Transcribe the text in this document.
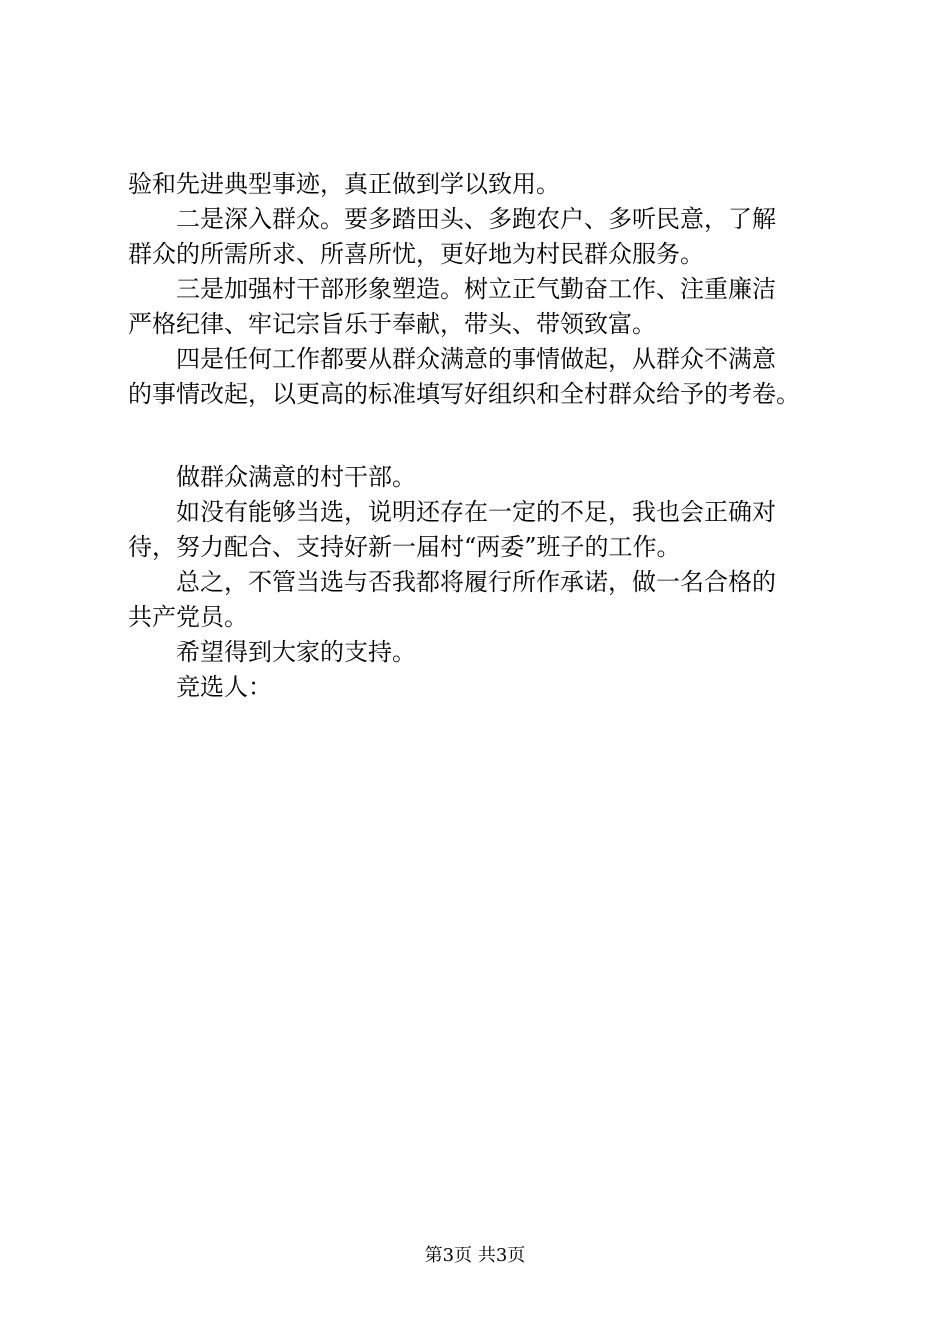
验和先进典型事迹，真正做到学以致用。
二是深入群众。要多踏田头、多跑农户、多听民意，了解
群众的所需所求、所喜所忧，更好地为村民群众服务。
三是加强村干部形象塑造。树立正气勤奋工作、注重廉洁
严格纪律、牢记宗旨乐于奉献，带头、带领致富。
四是任何工作都要从群众满意的事情做起，从群众不满意
的事情改起，以更高的标准填写好组织和全村群众给予的考卷。
做群众满意的村干部。
如没有能够当选，说明还存在一定的不足，我也会正确对
待，努力配合、支持好新一届村“两委”班子的工作。
总之，不管当选与否我都将履行所作承诺，做一名合格的
共产党员。
希望得到大家的支持。
竞选人：
第3页 共3页
